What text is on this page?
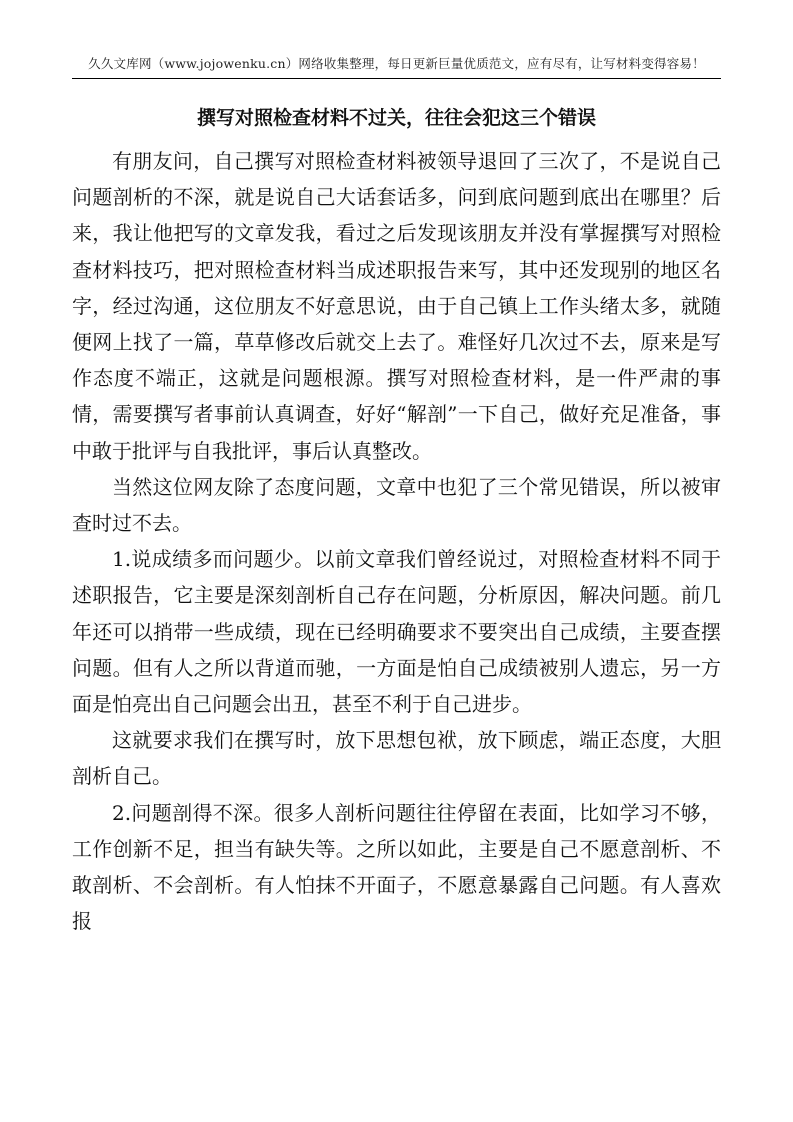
久久文库网（www.jojowenku.cn）网络收集整理，每日更新巨量优质范文，应有尽有，让写材料变得容易！
撰写对照检查材料不过关，往往会犯这三个错误

有朋友问，自己撰写对照检查材料被领导退回了三次了，不是说自己问题剖析的不深，就是说自己大话套话多，问到底问题到底出在哪里？后来，我让他把写的文章发我，看过之后发现该朋友并没有掌握撰写对照检查材料技巧，把对照检查材料当成述职报告来写，其中还发现别的地区名字，经过沟通，这位朋友不好意思说，由于自己镇上工作头绪太多，就随便网上找了一篇，草草修改后就交上去了。难怪好几次过不去，原来是写作态度不端正，这就是问题根源。撰写对照检查材料，是一件严肃的事情，需要撰写者事前认真调查，好好“解剖”一下自己，做好充足准备，事中敢于批评与自我批评，事后认真整改。

当然这位网友除了态度问题，文章中也犯了三个常见错误，所以被审查时过不去。

1.说成绩多而问题少。以前文章我们曾经说过，对照检查材料不同于述职报告，它主要是深刻剖析自己存在问题，分析原因，解决问题。前几年还可以捎带一些成绩，现在已经明确要求不要突出自己成绩，主要查摆问题。但有人之所以背道而驰，一方面是怕自己成绩被别人遗忘，另一方面是怕亮出自己问题会出丑，甚至不利于自己进步。

这就要求我们在撰写时，放下思想包袱，放下顾虑，端正态度，大胆剖析自己。

2.问题剖得不深。很多人剖析问题往往停留在表面，比如学习不够，工作创新不足，担当有缺失等。之所以如此，主要是自己不愿意剖析、不敢剖析、不会剖析。有人怕抹不开面子，不愿意暴露自己问题。有人喜欢报
